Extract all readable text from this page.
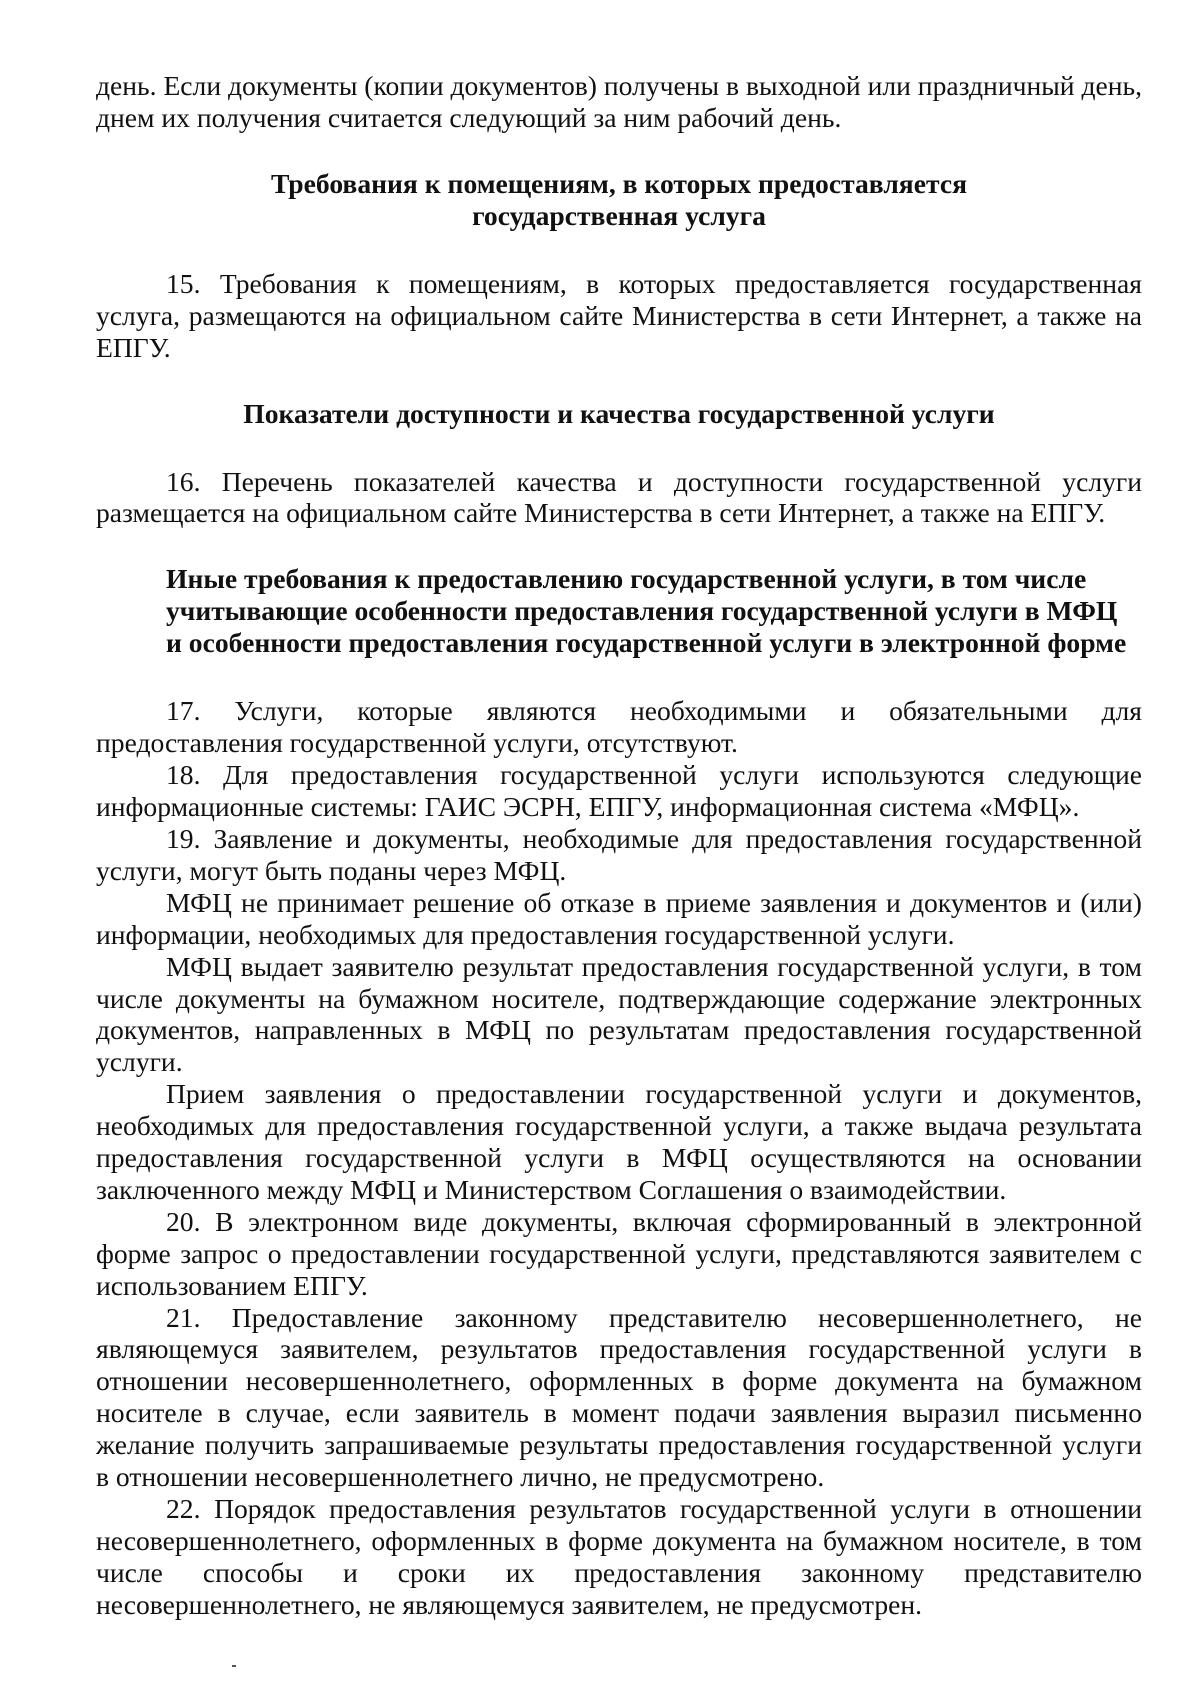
день. Если документы (копии документов) получены в выходной или праздничный день, днем их получения считается следующий за ним рабочий день.

Требования к помещениям, в которых предоставляется государственная услуга

15. Требования к помещениям, в которых предоставляется государственная услуга, размещаются на официальном сайте Министерства в сети Интернет, а также на ЕПГУ.

Показатели доступности и качества государственной услуги

16. Перечень показателей качества и доступности государственной услуги размещается на официальном сайте Министерства в сети Интернет, а также на ЕПГУ.

Иные требования к предоставлению государственной услуги, в том числе учитывающие особенности предоставления государственной услуги в МФЦ и особенности предоставления государственной услуги в электронной форме

17. Услуги, которые являются необходимыми и обязательными для предоставления государственной услуги, отсутствуют.

18. Для предоставления государственной услуги используются следующие информационные системы: ГАИС ЭСРН, ЕПГУ, информационная система «МФЦ».

19. Заявление и документы, необходимые для предоставления государственной услуги, могут быть поданы через МФЦ.

МФЦ не принимает решение об отказе в приеме заявления и документов и (или) информации, необходимых для предоставления государственной услуги.

МФЦ выдает заявителю результат предоставления государственной услуги, в том числе документы на бумажном носителе, подтверждающие содержание электронных документов, направленных в МФЦ по результатам предоставления государственной услуги.

Прием заявления о предоставлении государственной услуги и документов, необходимых для предоставления государственной услуги, а также выдача результата предоставления государственной услуги в МФЦ осуществляются на основании заключенного между МФЦ и Министерством Соглашения о взаимодействии.

20. В электронном виде документы, включая сформированный в электронной форме запрос о предоставлении государственной услуги, представляются заявителем с использованием ЕПГУ.

21. Предоставление законному представителю несовершеннолетнего, не являющемуся заявителем, результатов предоставления государственной услуги в отношении несовершеннолетнего, оформленных в форме документа на бумажном носителе в случае, если заявитель в момент подачи заявления выразил письменно желание получить запрашиваемые результаты предоставления государственной услуги в отношении несовершеннолетнего лично, не предусмотрено.

22. Порядок предоставления результатов государственной услуги в отношении несовершеннолетнего, оформленных в форме документа на бумажном носителе, в том числе способы и сроки их предоставления законному представителю несовершеннолетнего, не являющемуся заявителем, не предусмотрен.
